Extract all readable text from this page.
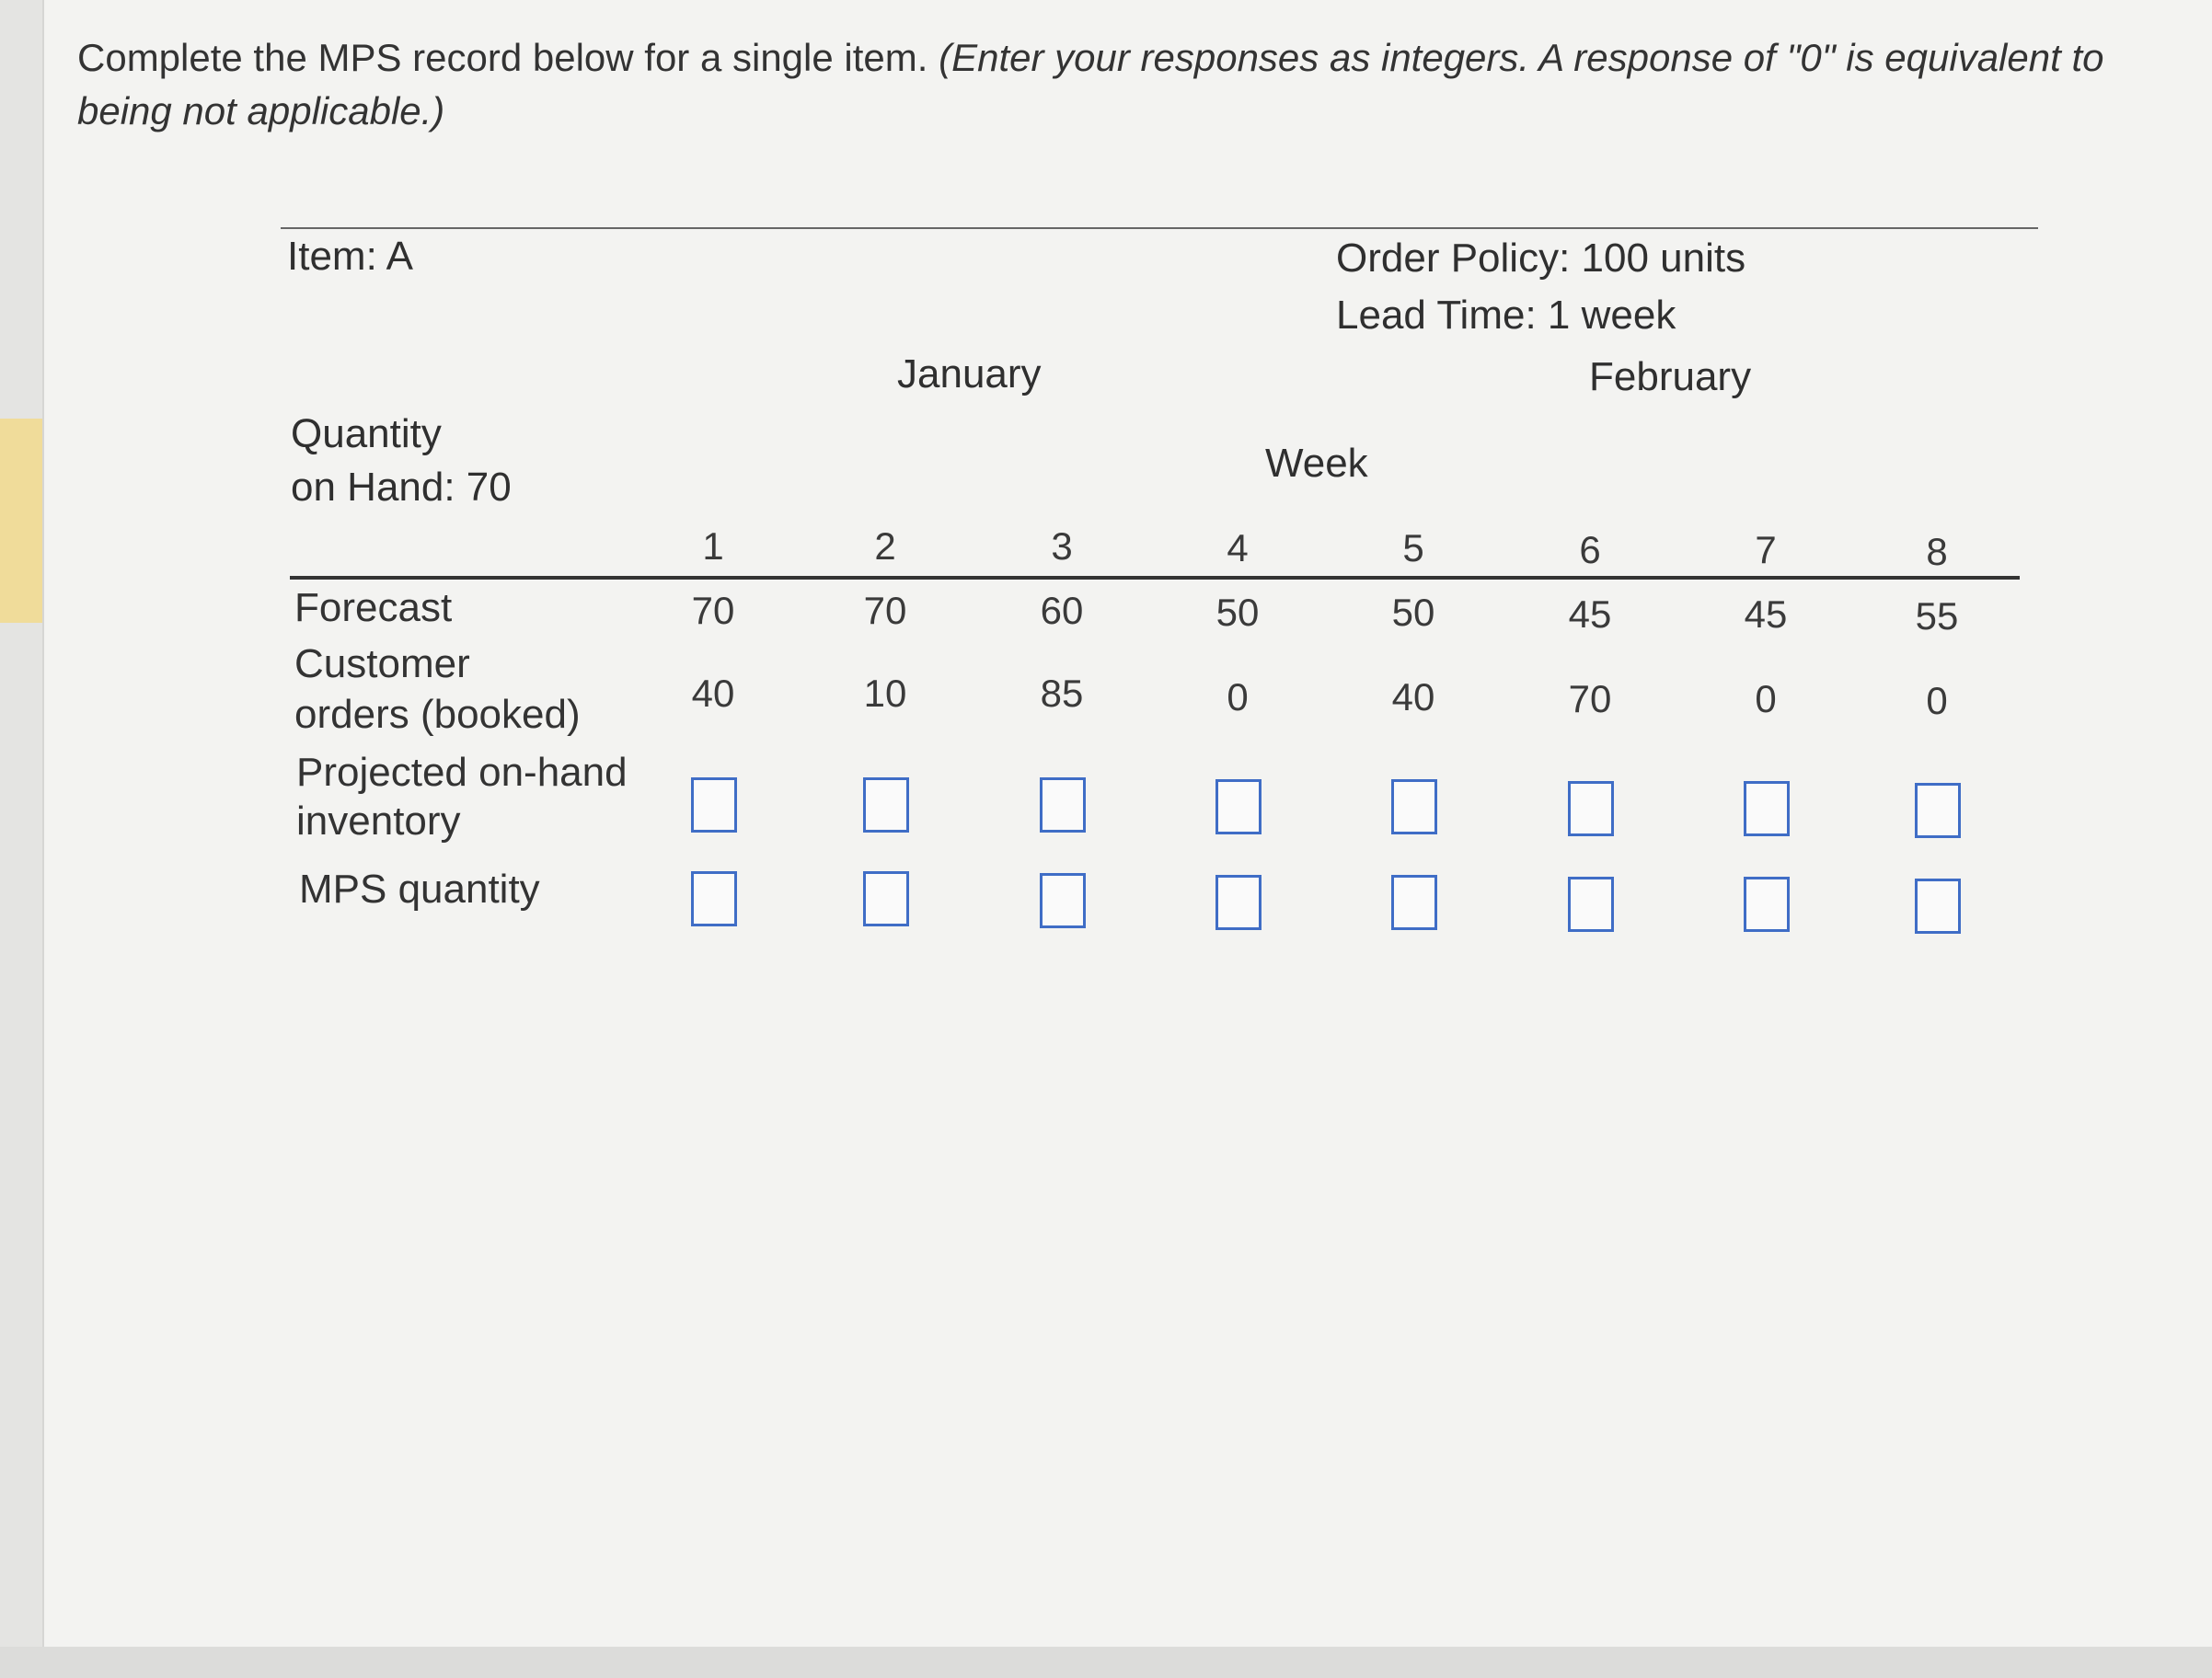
Complete the MPS record below for a single item. (Enter your responses as integers. A response of "0" is equivalent to being not applicable.)
Item: A	Order Policy: 100 units
Lead Time: 1 week
January	February
Quantity
on Hand: 70
Week
1	2	3	4	5	6	7	8
Forecast	70	70	60	50	50	45	45	55
Customer
orders (booked)	40	10	85	0	40	70	0	0
Projected on-hand
inventory
MPS quantity
